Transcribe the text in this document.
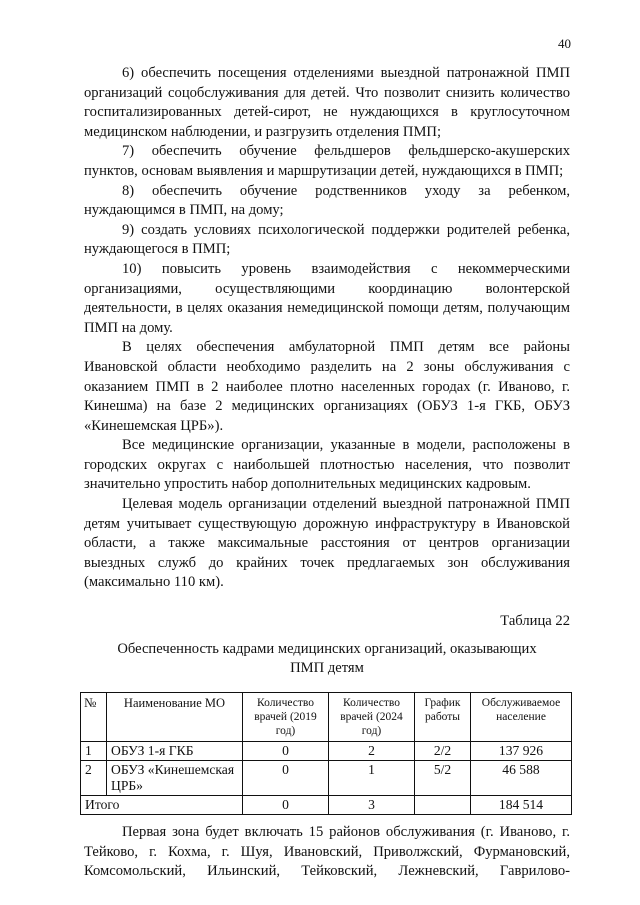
40

6) обеспечить посещения отделениями выездной патронажной ПМП организаций соцобслуживания для детей. Что позволит снизить количество госпитализированных детей-сирот, не нуждающихся в круглосуточном медицинском наблюдении, и разгрузить отделения ПМП;

7) обеспечить обучение фельдшеров фельдшерско-акушерских пунктов, основам выявления и маршрутизации детей, нуждающихся в ПМП;

8) обеспечить обучение родственников уходу за ребенком, нуждающимся в ПМП, на дому;

9) создать условиях психологической поддержки родителей ребенка, нуждающегося в ПМП;

10) повысить уровень взаимодействия с некоммерческими организациями, осуществляющими координацию волонтерской деятельности, в целях оказания немедицинской помощи детям, получающим ПМП на дому.

В целях обеспечения амбулаторной ПМП детям все районы Ивановской области необходимо разделить на 2 зоны обслуживания с оказанием ПМП в 2 наиболее плотно населенных городах (г. Иваново, г. Кинешма) на базе 2 медицинских организациях (ОБУЗ 1-я ГКБ, ОБУЗ «Кинешемская ЦРБ»).

Все медицинские организации, указанные в модели, расположены в городских округах с наибольшей плотностью населения, что позволит значительно упростить набор дополнительных медицинских кадровым.

Целевая модель организации отделений выездной патронажной ПМП детям учитывает существующую дорожную инфраструктуру в Ивановской области, а также максимальные расстояния от центров организации выездных служб до крайних точек предлагаемых зон обслуживания (максимально 110 км).

Таблица 22
Обеспеченность кадрами медицинских организаций, оказывающих
ПМП детям
№	Наименование МО	Количество врачей (2019 год)	Количество врачей (2024 год)	График работы	Обслуживаемое население
1	ОБУЗ 1-я ГКБ	0	2	2/2	137 926
2	ОБУЗ «Кинешемская ЦРБ»	0	1	5/2	46 588
Итого		0	3		184 514

Первая зона будет включать 15 районов обслуживания (г. Иваново, г. Тейково, г. Кохма, г. Шуя, Ивановский, Приволжский, Фурмановский, Комсомольский, Ильинский, Тейковский, Лежневский, Гаврилово-
